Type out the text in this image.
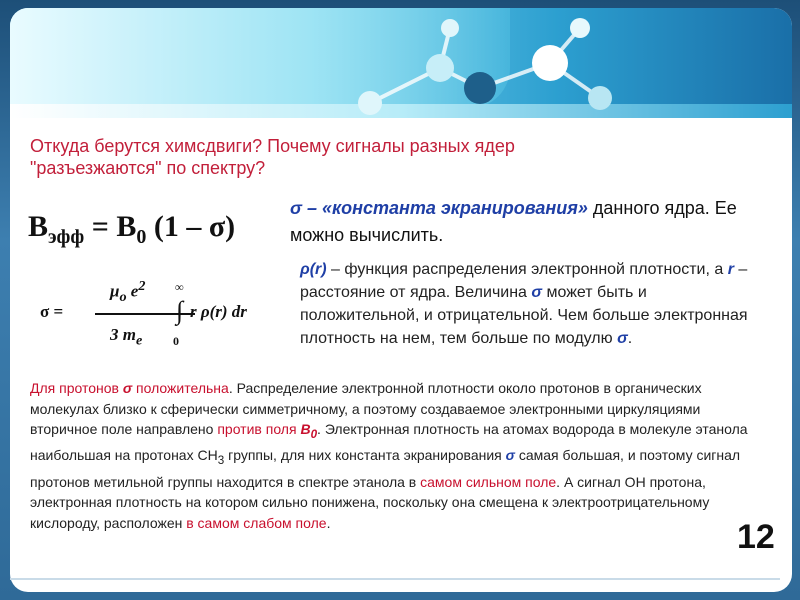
Откуда берутся химсдвиги? Почему сигналы разных ядер
"разъезжаются" по спектру?
$B_{эфф} = B_0$ (1 – σ)
σ – «константа экранирования» данного ядра. Ее можно вычислить.
σ =
$\mu_o$ $e^2$
3 $m_e$
∞
∫
0
r ρ(r) dr
ρ(r) – функция распределения электронной плотности, а r –расстояние от ядра. Величина σ может быть и положительной, и отрицательной. Чем больше электронная плотность на нем, тем больше по модулю σ.
Для протонов σ положительна. Распределение электронной плотности около протонов в органических молекулах близко к сферически симметричному, а поэтому создаваемое электронными циркуляциями вторичное поле направлено против поля $B_0$. Электронная плотность на атомах водорода в молекуле этанола наибольшая на протонах $CH_3$ группы, для них константа экранирования σ самая большая, и поэтому сигнал протонов метильной группы находится в спектре этанола в самом сильном поле. А сигнал OH протона, электронная плотность на котором сильно понижена, поскольку она смещена к электроотрицательному кислороду, расположен в самом слабом поле.	12
